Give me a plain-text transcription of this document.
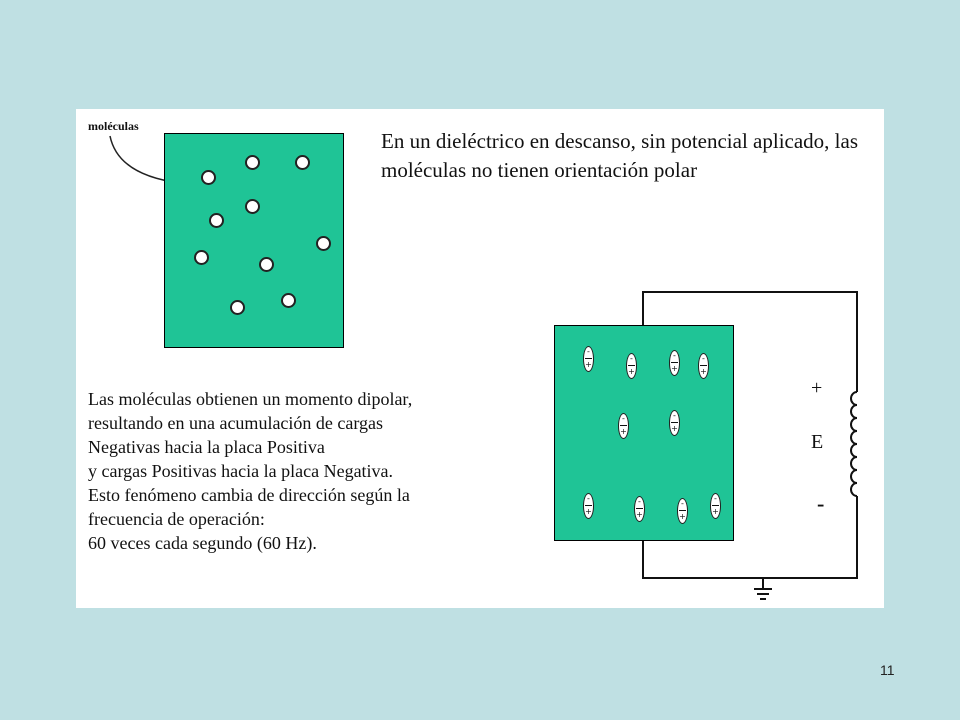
moléculas
-
+
-
+
-
+
-
+
-
+
-
+
-
+
-
+
-
+
-
+

En un dieléctrico en descanso, sin potencial aplicado, las moléculas no tienen orientación polar

Las moléculas obtienen un momento dipolar,
resultando en una acumulación de cargas
Negativas hacia la placa Positiva
y cargas Positivas hacia la placa Negativa.
Esto fenómeno cambia de dirección según la
frecuencia de operación:
60 veces cada segundo (60 Hz).

+
E
-
11
